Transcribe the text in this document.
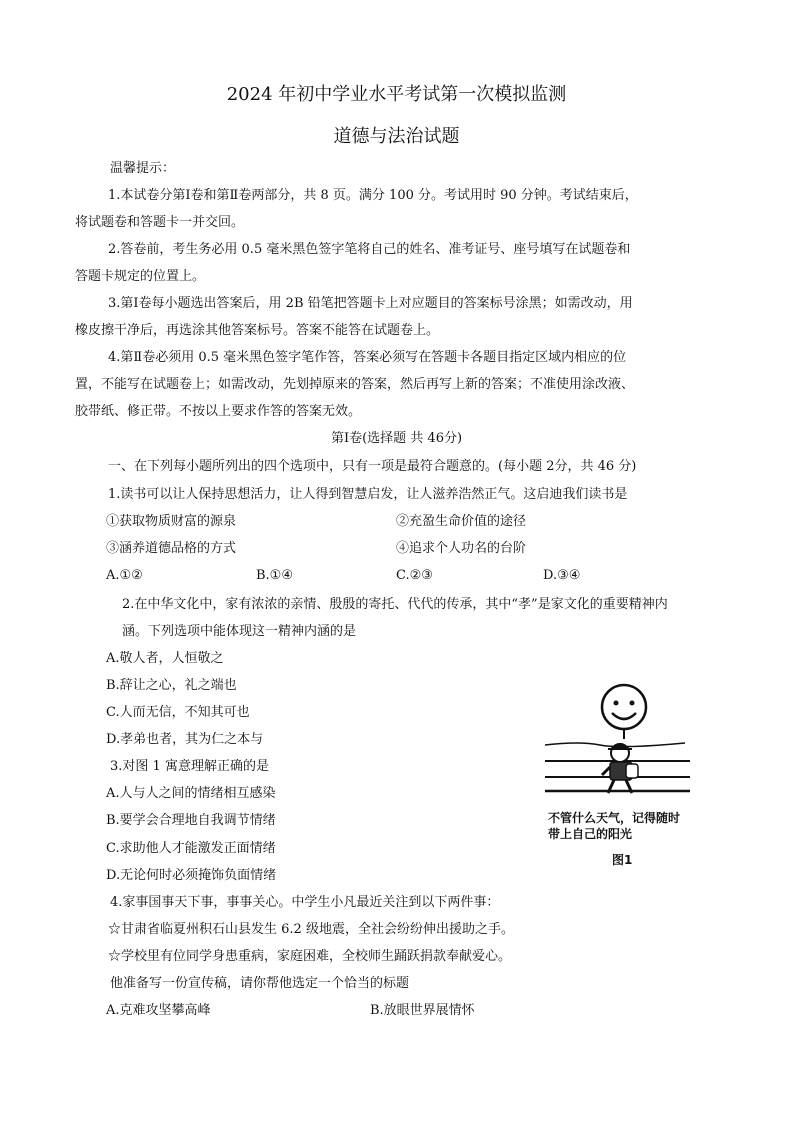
2024 年初中学业水平考试第一次模拟监测
道德与法治试题
温馨提示：
1.本试卷分第Ⅰ卷和第Ⅱ卷两部分，共 8 页。满分 100 分。考试用时 90 分钟。考试结束后，
将试题卷和答题卡一并交回。
2.答卷前，考生务必用 0.5 毫米黑色签字笔将自己的姓名、准考证号、座号填写在试题卷和
答题卡规定的位置上。
3.第Ⅰ卷每小题选出答案后，用 2B 铅笔把答题卡上对应题目的答案标号涂黑；如需改动，用
橡皮擦干净后，再选涂其他答案标号。答案不能答在试题卷上。
4.第Ⅱ卷必须用 0.5 毫米黑色签字笔作答，答案必须写在答题卡各题目指定区域内相应的位
置，不能写在试题卷上；如需改动，先划掉原来的答案，然后再写上新的答案；不准使用涂改液、
胶带纸、修正带。不按以上要求作答的答案无效。
第Ⅰ卷(选择题 共 46分)
一、在下列每小题所列出的四个选项中，只有一项是最符合题意的。(每小题 2分，共 46 分)
1.读书可以让人保持思想活力，让人得到智慧启发，让人滋养浩然正气。这启迪我们读书是
①获取物质财富的源泉	②充盈生命价值的途径
③涵养道德品格的方式	④追求个人功名的台阶
A.①②	B.①④	C.②③	D.③④
2.在中华文化中，家有浓浓的亲情、殷殷的寄托、代代的传承，其中“孝”是家文化的重要精神内
涵。下列选项中能体现这一精神内涵的是
A.敬人者，人恒敬之
B.辞让之心，礼之端也
C.人而无信，不知其可也
D.孝弟也者，其为仁之本与
3.对图 1 寓意理解正确的是
A.人与人之间的情绪相互感染
B.要学会合理地自我调节情绪
C.求助他人才能激发正面情绪
D.无论何时必须掩饰负面情绪
不管什么天气，记得随时
带上自己的阳光
图1
4.家事国事天下事，事事关心。中学生小凡最近关注到以下两件事：
☆甘肃省临夏州积石山县发生 6.2 级地震，全社会纷纷伸出援助之手。
☆学校里有位同学身患重病，家庭困难，全校师生踊跃捐款奉献爱心。
他准备写一份宣传稿，请你帮他选定一个恰当的标题
A.克难攻坚攀高峰	B.放眼世界展情怀
